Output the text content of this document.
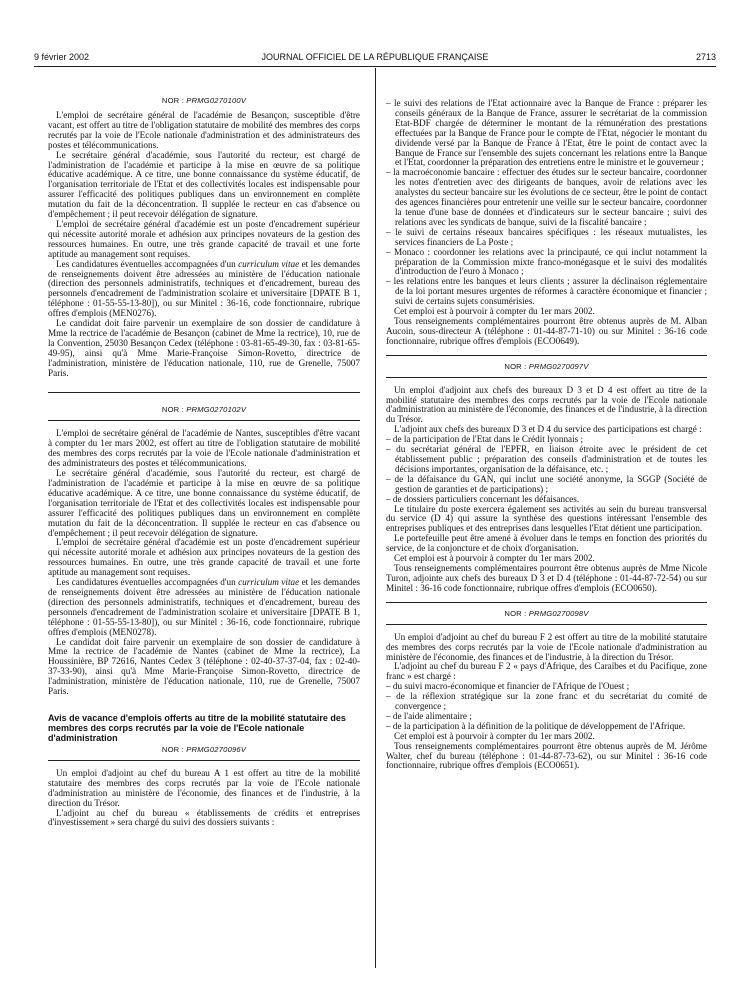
9 février 2002	JOURNAL OFFICIEL DE LA RÉPUBLIQUE FRANÇAISE	2713
NOR : PRMG0270100V

L'emploi de secrétaire général de l'académie de Besançon, susceptible d'être vacant, est offert au titre de l'obligation statutaire de mobilité des membres des corps recrutés par la voie de l'Ecole nationale d'administration et des administrateurs des postes et télécommunications.

Le secrétaire général d'académie, sous l'autorité du recteur, est chargé de l'administration de l'académie et participe à la mise en œuvre de sa politique éducative académique. A ce titre, une bonne connaissance du système éducatif, de l'organisation territoriale de l'Etat et des collectivités locales est indispensable pour assurer l'efficacité des politiques publiques dans un environnement en complète mutation du fait de la déconcentration. Il supplée le recteur en cas d'absence ou d'empêchement ; il peut recevoir délégation de signature.

L'emploi de secrétaire général d'académie est un poste d'encadrement supérieur qui nécessite autorité morale et adhésion aux principes novateurs de la gestion des ressources humaines. En outre, une très grande capacité de travail et une forte aptitude au management sont requises.

Les candidatures éventuelles accompagnées d'un curriculum vitae et les demandes de renseignements doivent être adressées au ministère de l'éducation nationale (direction des personnels administratifs, techniques et d'encadrement, bureau des personnels d'encadrement de l'administration scolaire et universitaire [DPATE B 1, téléphone : 01-55-55-13-80]), ou sur Minitel : 36-16, code fonctionnaire, rubrique offres d'emplois (MEN0276).

Le candidat doit faire parvenir un exemplaire de son dossier de candidature à Mme la rectrice de l'académie de Besançon (cabinet de Mme la rectrice), 10, rue de la Convention, 25030 Besançon Cedex (téléphone : 03-81-65-49-30, fax : 03-81-65-49-95), ainsi qu'à Mme Marie-Françoise Simon-Rovetto, directrice de l'administration, ministère de l'éducation nationale, 110, rue de Grenelle, 75007 Paris.

NOR : PRMG0270102V

L'emploi de secrétaire général de l'académie de Nantes, susceptibles d'être vacant à compter du 1er mars 2002, est offert au titre de l'obligation statutaire de mobilité des membres des corps recrutés par la voie de l'Ecole nationale d'administration et des administrateurs des postes et télécommunications.

Le secrétaire général d'académie, sous l'autorité du recteur, est chargé de l'administration de l'académie et participe à la mise en œuvre de sa politique éducative académique. A ce titre, une bonne connaissance du système éducatif, de l'organisation territoriale de l'Etat et des collectivités locales est indispensable pour assurer l'efficacité des politiques publiques dans un environnement en complète mutation du fait de la déconcentration. Il supplée le recteur en cas d'absence ou d'empêchement ; il peut recevoir délégation de signature.

L'emploi de secrétaire général d'académie est un poste d'encadrement supérieur qui nécessite autorité morale et adhésion aux principes novateurs de la gestion des ressources humaines. En outre, une très grande capacité de travail et une forte aptitude au management sont requises.

Les candidatures éventuelles accompagnées d'un curriculum vitae et les demandes de renseignements doivent être adressées au ministère de l'éducation nationale (direction des personnels administratifs, techniques et d'encadrement, bureau des personnels d'encadrement de l'administration scolaire et universitaire [DPATE B 1, téléphone : 01-55-55-13-80]), ou sur Minitel : 36-16, code fonctionnaire, rubrique offres d'emplois (MEN0278).

Le candidat doit faire parvenir un exemplaire de son dossier de candidature à Mme la rectrice de l'académie de Nantes (cabinet de Mme la rectrice), La Houssinière, BP 72616, Nantes Cedex 3 (téléphone : 02-40-37-37-04, fax : 02-40-37-33-90), ainsi qu'à Mme Marie-Françoise Simon-Rovetto, directrice de l'administration, ministère de l'éducation nationale, 110, rue de Grenelle, 75007 Paris.

Avis de vacance d'emplois offerts au titre de la mobilité statutaire des membres des corps recrutés par la voie de l'Ecole nationale d'administration
NOR : PRMG0270096V

Un emploi d'adjoint au chef du bureau A 1 est offert au titre de la mobilité statutaire des membres des corps recrutés par la voie de l'Ecole nationale d'administration au ministère de l'économie, des finances et de l'industrie, à la direction du Trésor.

L'adjoint au chef du bureau « établissements de crédits et entreprises d'investissement » sera chargé du suivi des dossiers suivants :

– le suivi des relations de l'Etat actionnaire avec la Banque de France : préparer les conseils généraux de la Banque de France, assurer le secrétariat de la commission Etat-BDF chargée de déterminer le montant de la rémunération des prestations effectuées par la Banque de France pour le compte de l'Etat, négocier le montant du dividende versé par la Banque de France à l'Etat, être le point de contact avec la Banque de France sur l'ensemble des sujets concernant les relations entre la Banque et l'Etat, coordonner la préparation des entretiens entre le ministre et le gouverneur ;

– la macroéconomie bancaire : effectuer des études sur le secteur bancaire, coordonner les notes d'entretien avec des dirigeants de banques, avoir de relations avec les analystes du secteur bancaire sur les évolutions de ce secteur, être le point de contact des agences financières pour entretenir une veille sur le secteur bancaire, coordonner la tenue d'une base de données et d'indicateurs sur le secteur bancaire ; suivi des relations avec les syndicats de banque, suivi de la fiscalité bancaire ;

– le suivi de certains réseaux bancaires spécifiques : les réseaux mutualistes, les services financiers de La Poste ;

– Monaco : coordonner les relations avec la principauté, ce qui inclut notamment la préparation de la Commission mixte franco-monégasque et le suivi des modalités d'introduction de l'euro à Monaco ;

– les relations entre les banques et leurs clients ; assurer la déclinaison réglementaire de la loi portant mesures urgentes de réformes à caractère économique et financier ; suivi de certains sujets consumérisies.

Cet emploi est à pourvoir à compter du 1er mars 2002.

Tous renseignements complémentaires pourront être obtenus auprès de M. Alban Aucoin, sous-directeur A (téléphone : 01-44-87-71-10) ou sur Minitel : 36-16 code fonctionnaire, rubrique offres d'emplois (ECO0649).

NOR : PRMG0270097V

Un emploi d'adjoint aux chefs des bureaux D 3 et D 4 est offert au titre de la mobilité statutaire des membres des corps recrutés par la voie de l'Ecole nationale d'administration au ministère de l'économie, des finances et de l'industrie, à la direction du Trésor.

L'adjoint aux chefs des bureaux D 3 et D 4 du service des participations est chargé :

– de la participation de l'Etat dans le Crédit lyonnais ;

– du secrétariat général de l'EPFR, en liaison étroite avec le président de cet établissement public ; préparation des conseils d'administration et de toutes les décisions importantes, organisation de la défaisance, etc. ;

– de la défaisance du GAN, qui inclut une société anonyme, la SGGP (Société de gestion de garanties et de participations) ;

– de dossiers particuliers concernant les défaisances.

Le titulaire du poste exercera également ses activités au sein du bureau transversal du service (D 4) qui assure la synthèse des questions intéressant l'ensemble des entreprises publiques et des entreprises dans lesquelles l'Etat détient une participation.

Le portefeuille peut être amené à évoluer dans le temps en fonction des priorités du service, de la conjoncture et de choix d'organisation.

Cet emploi est à pourvoir à compter du 1er mars 2002.

Tous renseignements complémentaires pourront être obtenus auprès de Mme Nicole Turon, adjointe aux chefs des bureaux D 3 et D 4 (téléphone : 01-44-87-72-54) ou sur Minitel : 36-16 code fonctionnaire, rubrique offres d'emplois (ECO0650).

NOR : PRMG0270098V

Un emploi d'adjoint au chef du bureau F 2 est offert au titre de la mobilité statutaire des membres des corps recrutés par la voie de l'Ecole nationale d'administration au ministère de l'économie, des finances et de l'industrie, à la direction du Trésor.

L'adjoint au chef du bureau F 2 « pays d'Afrique, des Caraïbes et du Pacifique, zone franc » est chargé :

– du suivi macro-économique et financier de l'Afrique de l'Ouest ;

– de la réflexion stratégique sur la zone franc et du secrétariat du comité de convergence ;

– de l'aide alimentaire ;

– de la participation à la définition de la politique de développement de l'Afrique.

Cet emploi est à pourvoir à compter du 1er mars 2002.

Tous renseignements complémentaires pourront être obtenus auprès de M. Jérôme Walter, chef du bureau (téléphone : 01-44-87-73-62), ou sur Minitel : 36-16 code fonctionnaire, rubrique offres d'emplois (ECO0651).
